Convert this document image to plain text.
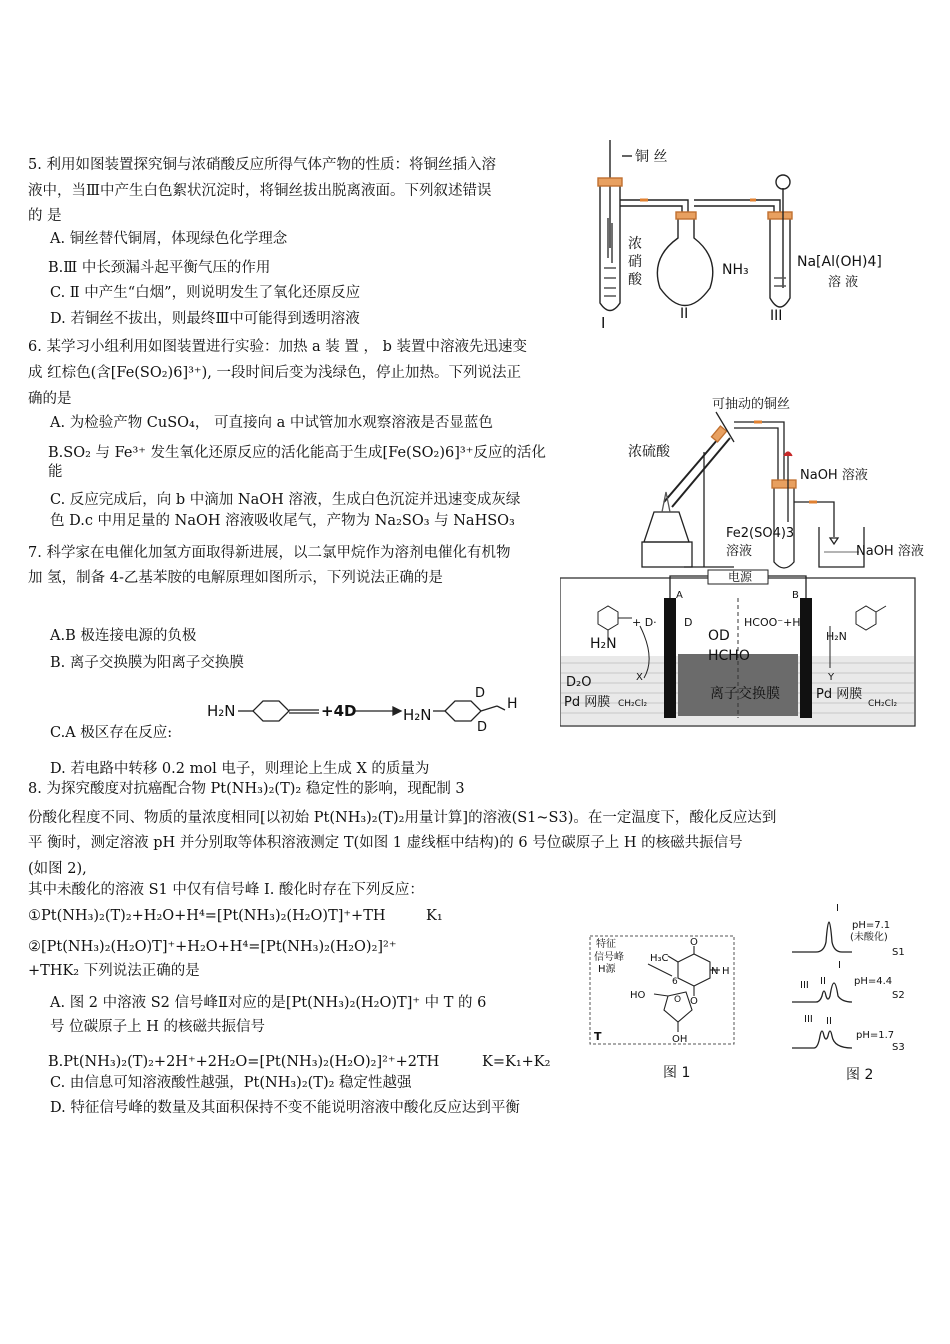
5. 利用如图装置探究铜与浓硝酸反应所得气体产物的性质：将铜丝插入溶
液中，当Ⅲ中产生白色絮状沉淀时，将铜丝拔出脱离液面。下列叙述错误
的 是
A. 铜丝替代铜屑，体现绿色化学理念
B.Ⅲ 中长颈漏斗起平衡气压的作用
C. Ⅱ 中产生“白烟”，则说明发生了氧化还原反应
D. 若铜丝不拔出，则最终Ⅲ中可能得到透明溶液
铜 丝
浓
硝
酸
NH₃	Na[Al(OH)4]
溶 液
I	II	III
6. 某学习小组利用如图装置进行实验：加热 a 装 置 ， b 装置中溶液先迅速变
成 红棕色(含[Fe(SO₂)6]³⁺), 一段时间后变为浅绿色，停止加热。下列说法正
确的是
A. 为检验产物 CuSO₄， 可直接向 a 中试管加水观察溶液是否显蓝色
B.SO₂ 与 Fe³⁺ 发生氧化还原反应的活化能高于生成[Fe(SO₂)6]³⁺反应的活化
能
C. 反应完成后，向 b 中滴加 NaOH 溶液，生成白色沉淀并迅速变成灰绿
色 D.c 中用足量的 NaOH 溶液吸收尾气，产物为 Na₂SO₃ 与 NaHSO₃
可抽动的铜丝
浓硫酸
NaOH 溶液
Fe2(SO4)3
溶液	NaOH 溶液
7. 科学家在电催化加氢方面取得新进展，以二氯甲烷作为溶剂电催化有机物
加 氢，制备 4-乙基苯胺的电解原理如图所示，下列说法正确的是
A.B 极连接电源的负极
B. 离子交换膜为阳离子交换膜
H₂N	+4D	H₂N
D
D
H
C.A 极区存在反应:
D. 若电路中转移 0.2 mol 电子，则理论上生成 X 的质量为
+ D·
H₂N
电源
A	B
D	HCOO⁻+H
OD
HCHO
D₂O
Pd 网膜 CH₂Cl₂
离子交换膜	Pd 网膜
CH₂Cl₂
H₂N
X	Y
8. 为探究酸度对抗癌配合物 Pt(NH₃)₂(T)₂ 稳定性的影响，现配制 3
份酸化程度不同、物质的量浓度相同[以初始 Pt(NH₃)₂(T)₂用量计算]的溶液(S1~S3)。在一定温度下，酸化反应达到
平 衡时，测定溶液 pH 并分别取等体积溶液测定 T(如图 1 虚线框中结构)的 6 号位碳原子上 H 的核磁共振信号
(如图 2),
其中未酸化的溶液 S1 中仅有信号峰 I. 酸化时存在下列反应：
①Pt(NH₃)₂(T)₂+H₂O+H⁴=[Pt(NH₃)₂(H₂O)T]⁺+TH	K₁
②[Pt(NH₃)₂(H₂O)T]⁺+H₂O+H⁴=[Pt(NH₃)₂(H₂O)₂]²⁺
+THK₂ 下列说法正确的是
A. 图 2 中溶液 S2 信号峰Ⅱ对应的是[Pt(NH₃)₂(H₂O)T]⁺ 中 T 的 6
号 位碳原子上 H 的核磁共振信号
B.Pt(NH₃)₂(T)₂+2H⁺+2H₂O=[Pt(NH₃)₂(H₂O)₂]²⁺+2TH	K=K₁+K₂
C. 由信息可知溶液酸性越强，Pt(NH₃)₂(T)₂ 稳定性越强
D. 特征信号峰的数量及其面积保持不变不能说明溶液中酸化反应达到平衡
特征
信号峰
H源
H₃C
6
O
N H
O
HO
OH
O
T
图 1
I
pH=7.1
(未酸化)
S1
III II
I
pH=4.4
S2
III II
pH=1.7
S3
图 2
